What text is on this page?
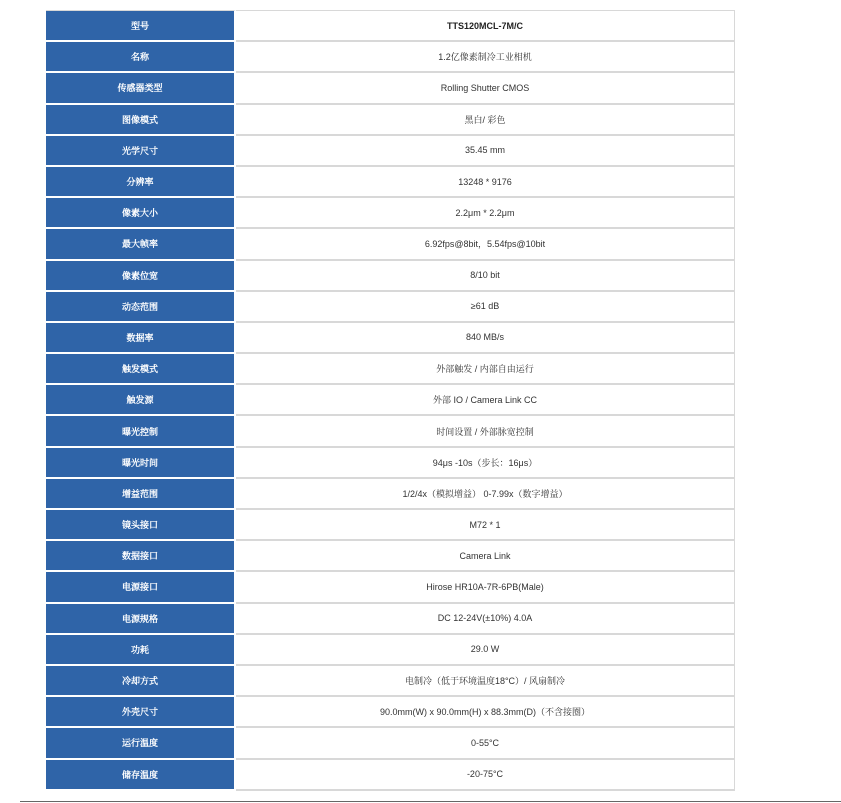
型号	TTS120MCL-7M/C
名称	1.2亿像素制冷工业相机
传感器类型	Rolling Shutter CMOS
图像模式	黑白/ 彩色
光学尺寸	35.45 mm
分辨率	13248 * 9176
像素大小	2.2μm * 2.2μm
最大帧率	6.92fps@8bit，5.54fps@10bit
像素位宽	8/10 bit
动态范围	≥61 dB
数据率	840 MB/s
触发模式	外部触发 / 内部自由运行
触发源	外部 IO / Camera Link CC
曝光控制	时间设置 / 外部脉宽控制
曝光时间	94μs -10s（步长：16μs）
增益范围	1/2/4x（模拟增益） 0-7.99x（数字增益）
镜头接口	M72 * 1
数据接口	Camera Link
电源接口	Hirose HR10A-7R-6PB(Male)
电源规格	DC 12-24V(±10%) 4.0A
功耗	29.0 W
冷却方式	电制冷（低于环境温度18°C）/ 风扇制冷
外壳尺寸	90.0mm(W) x 90.0mm(H) x 88.3mm(D)（不含接圈）
运行温度	0-55°C
储存温度	-20-75°C
